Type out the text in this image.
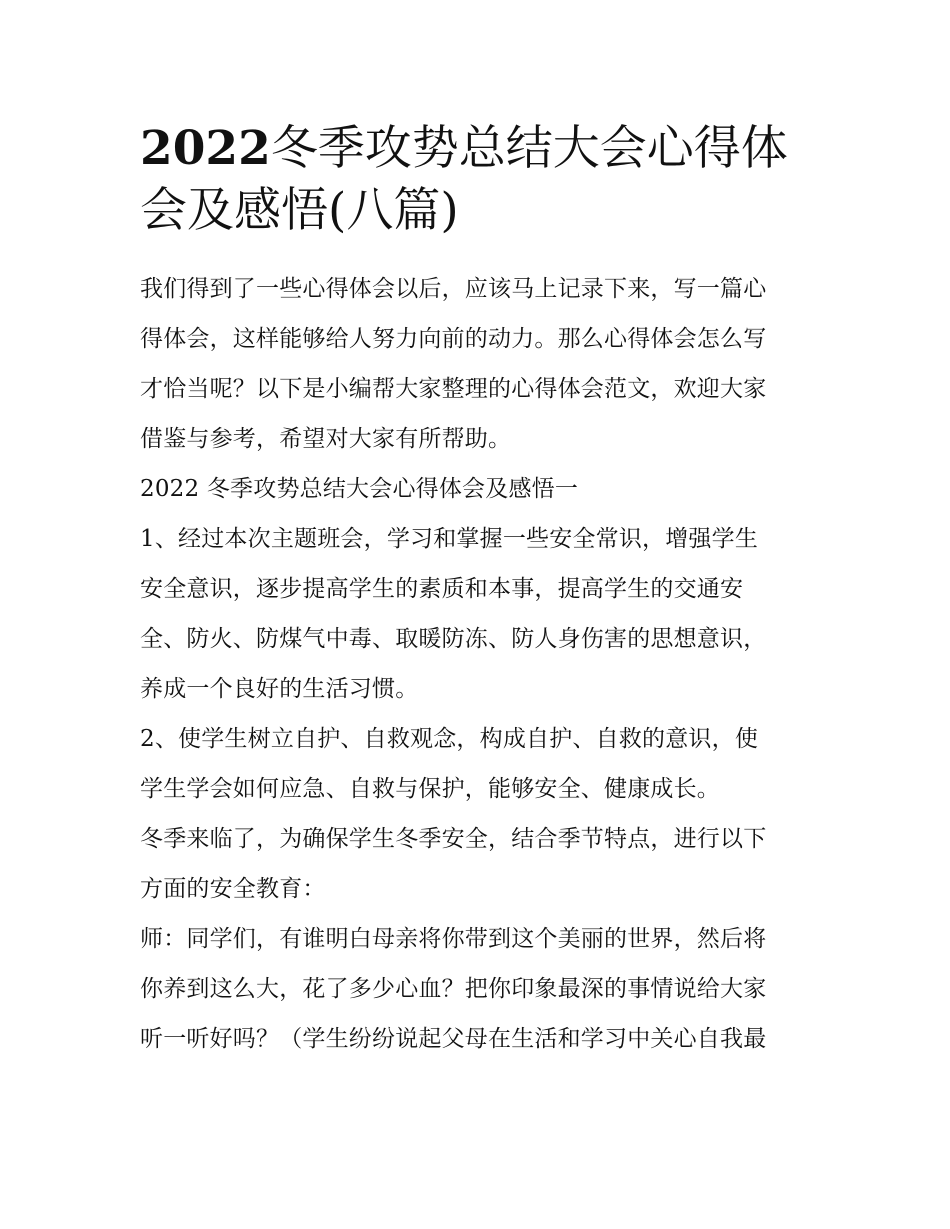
2022冬季攻势总结大会心得体
会及感悟(八篇)

我们得到了一些心得体会以后，应该马上记录下来，写一篇心
得体会，这样能够给人努力向前的动力。那么心得体会怎么写
才恰当呢？以下是小编帮大家整理的心得体会范文，欢迎大家
借鉴与参考，希望对大家有所帮助。

2022 冬季攻势总结大会心得体会及感悟一

1、经过本次主题班会，学习和掌握一些安全常识，增强学生
安全意识，逐步提高学生的素质和本事，提高学生的交通安
全、防火、防煤气中毒、取暖防冻、防人身伤害的思想意识，
养成一个良好的生活习惯。

2、使学生树立自护、自救观念，构成自护、自救的意识，使
学生学会如何应急、自救与保护，能够安全、健康成长。

冬季来临了，为确保学生冬季安全，结合季节特点，进行以下
方面的安全教育：

师：同学们，有谁明白母亲将你带到这个美丽的世界，然后将
你养到这么大，花了多少心血？把你印象最深的事情说给大家
听一听好吗？（学生纷纷说起父母在生活和学习中关心自我最
